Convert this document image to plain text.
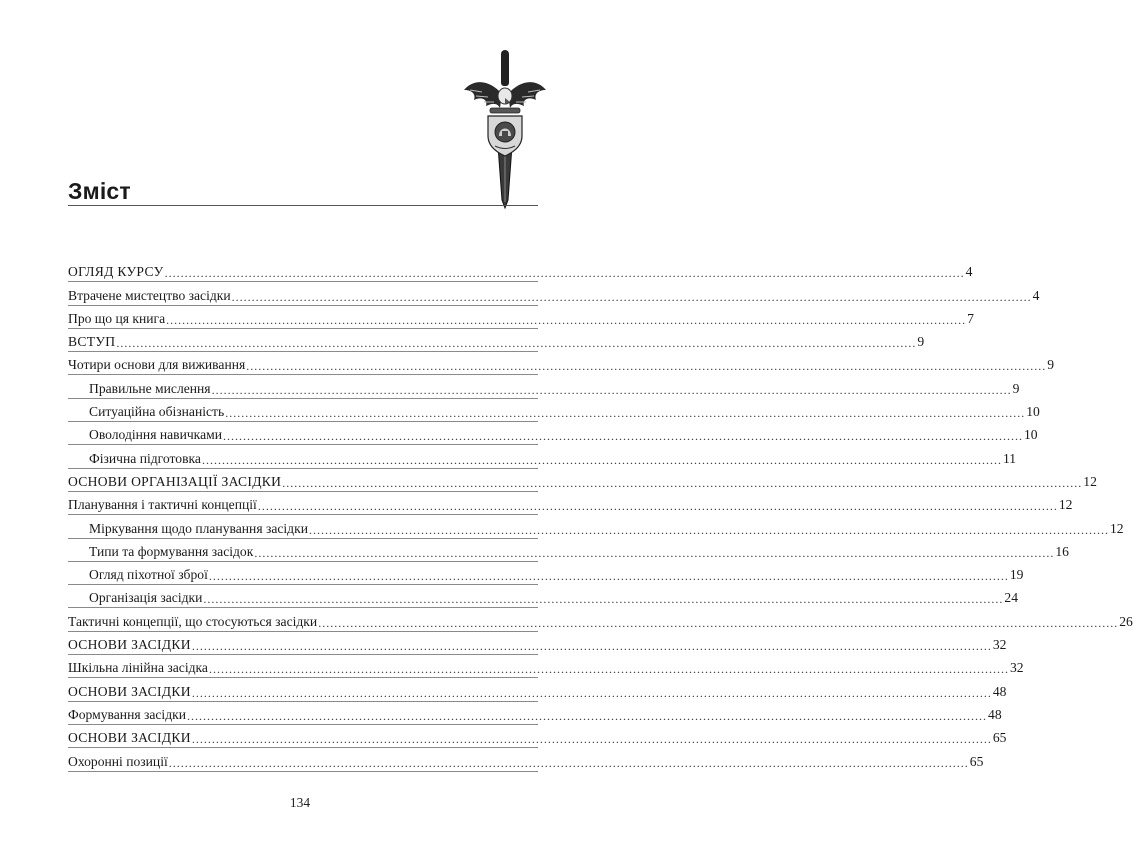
Зміст
ОГЛЯД КУРСУ ........................................................................................................................................................................................................ 4
Втрачене мистецтво засідки ........................................................................................................................................................................................................ 4
Про що ця книга ........................................................................................................................................................................................................ 7
ВСТУП ........................................................................................................................................................................................................ 9
Чотири основи для виживання ........................................................................................................................................................................................................ 9
Правильне мислення ........................................................................................................................................................................................................ 9
Ситуаційна обізнаність ........................................................................................................................................................................................................ 10
Оволодіння навичками ........................................................................................................................................................................................................ 10
Фізична підготовка ........................................................................................................................................................................................................ 11
ОСНОВИ ОРГАНІЗАЦІЇ ЗАСІДКИ ........................................................................................................................................................................................................ 12
Планування і тактичні концепції ........................................................................................................................................................................................................ 12
Міркування щодо планування засідки ........................................................................................................................................................................................................ 12
Типи та формування засідок ........................................................................................................................................................................................................ 16
Огляд піхотної зброї ........................................................................................................................................................................................................ 19
Організація засідки ........................................................................................................................................................................................................ 24
Тактичні концепції, що стосуються засідки ........................................................................................................................................................................................................ 26
ОСНОВИ ЗАСІДКИ ........................................................................................................................................................................................................ 32
Шкільна лінійна засідка ........................................................................................................................................................................................................ 32
ОСНОВИ ЗАСІДКИ ........................................................................................................................................................................................................ 48
Формування засідки ........................................................................................................................................................................................................ 48
ОСНОВИ ЗАСІДКИ ........................................................................................................................................................................................................ 65
Охоронні позиції ........................................................................................................................................................................................................ 65
134
